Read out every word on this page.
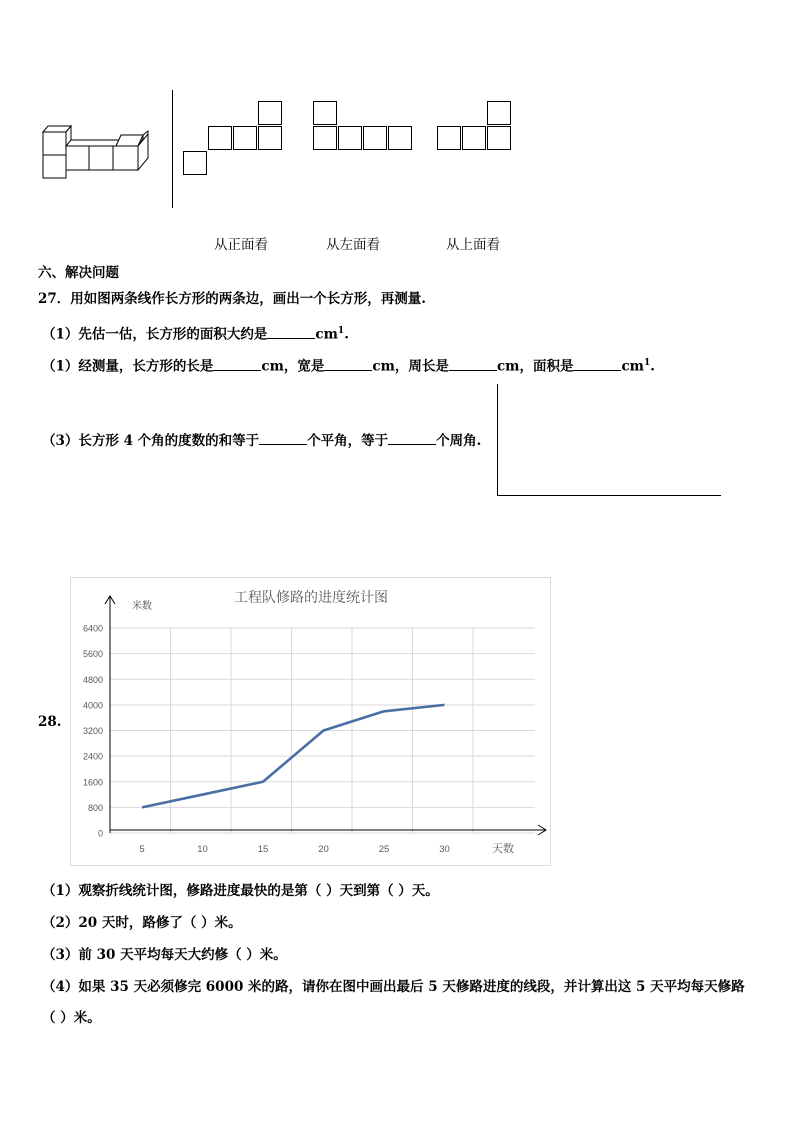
从正面看	从左面看	从上面看
六、解决问题
27．用如图两条线作长方形的两条边，画出一个长方形，再测量.
（1）先估一估，长方形的面积大约是	$cm^1$.
（1）经测量，长方形的长是	cm，宽是	cm，周长是	cm，面积是	$cm^1$.
（3）长方形 4 个角的度数的和等于	个平角，等于	个周角.
28.
工程队修路的进度统计图
米数
天数
0
800
1600
2400
3200
4000
4800
5600
6400
5	10	15	20	25	30
（1）观察折线统计图，修路进度最快的是第（ ）天到第（ ）天。
（2）20 天时，路修了（ ）米。
（3）前 30 天平均每天大约修（ ）米。
（4）如果 35 天必须修完 6000 米的路，请你在图中画出最后 5 天修路进度的线段，并计算出这 5 天平均每天修路
（ ）米。
